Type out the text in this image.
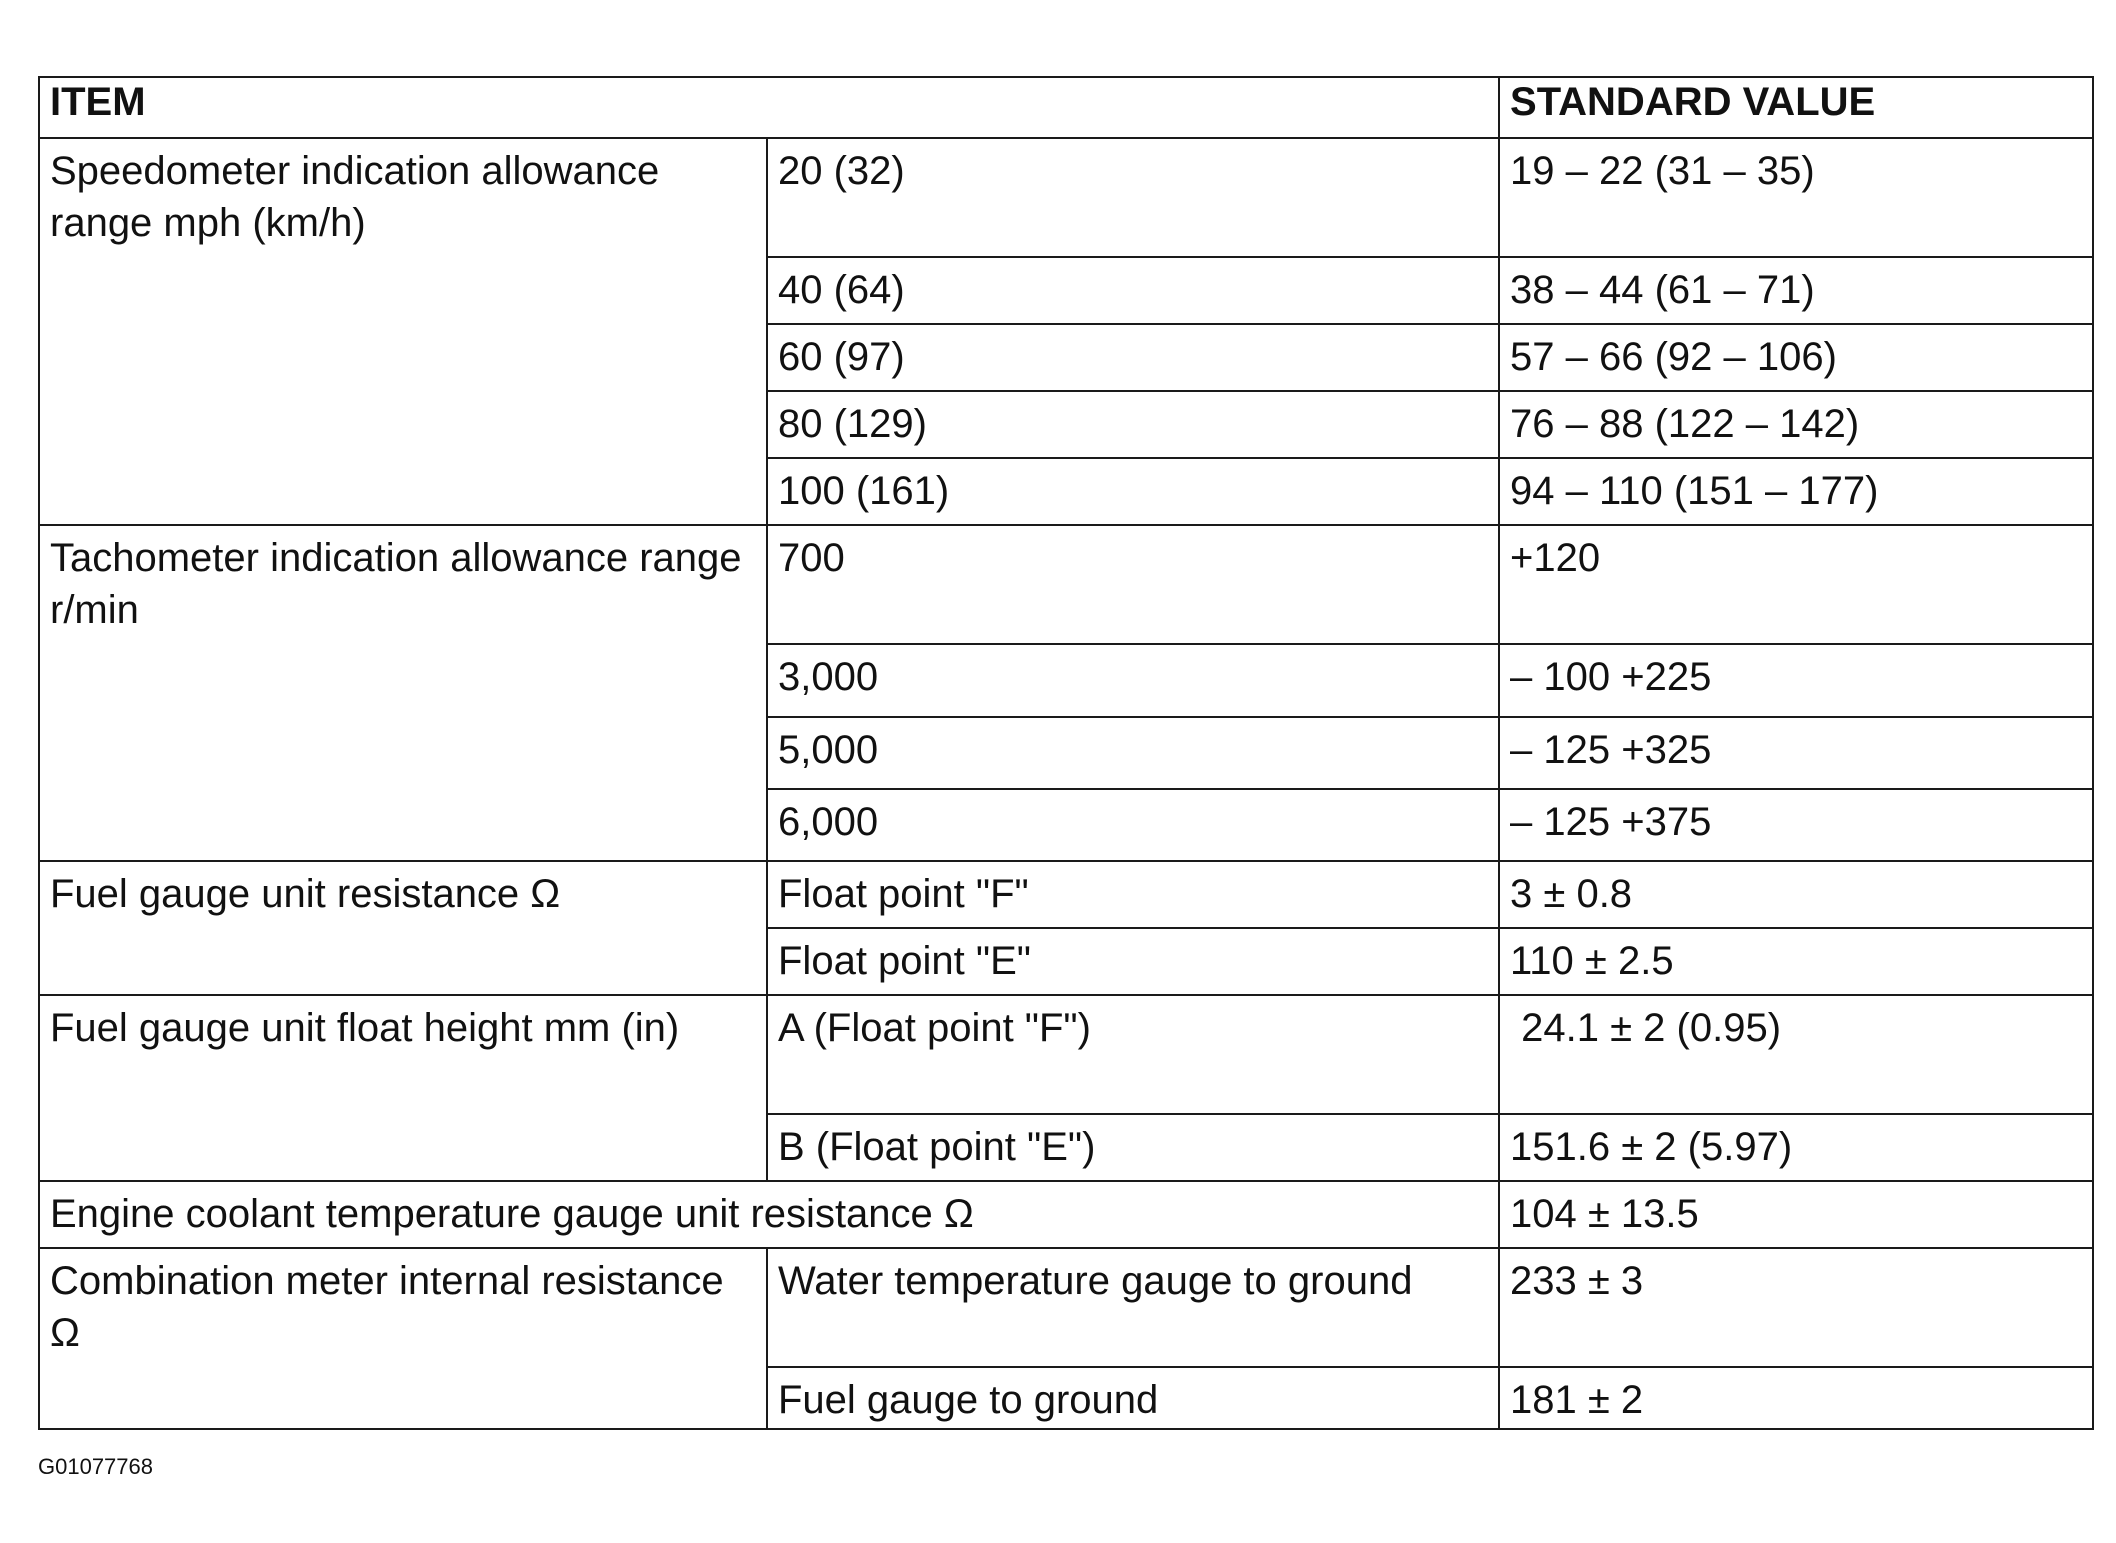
ITEM		STANDARD VALUE
Speedometer indication allowance range mph (km/h)	20 (32)	19 – 22 (31 – 35)
	40 (64)	38 – 44 (61 – 71)
	60 (97)	57 – 66 (92 – 106)
	80 (129)	76 – 88 (122 – 142)
	100 (161)	94 – 110 (151 – 177)
Tachometer indication allowance range r/min	700	+120
	3,000	– 100 +225
	5,000	– 125 +325
	6,000	– 125 +375
Fuel gauge unit resistance Ω	Float point "F"	3 ± 0.8
	Float point "E"	110 ± 2.5
Fuel gauge unit float height mm (in)	A (Float point "F")	24.1 ± 2 (0.95)
	B (Float point "E")	151.6 ± 2 (5.97)
Engine coolant temperature gauge unit resistance Ω		104 ± 13.5
Combination meter internal resistance Ω	Water temperature gauge to ground	233 ± 3
	Fuel gauge to ground	181 ± 2
G01077768
